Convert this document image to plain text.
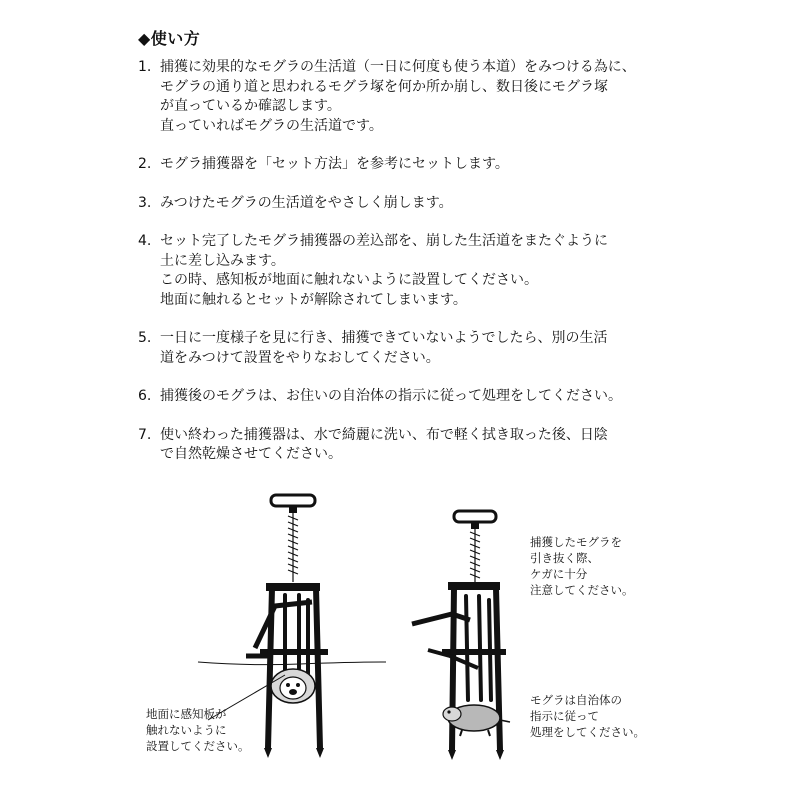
◆使い方
1. 捕獲に効果的なモグラの生活道（一日に何度も使う本道）をみつける為に、
モグラの通り道と思われるモグラ塚を何か所か崩し、数日後にモグラ塚
が直っているか確認します。
直っていればモグラの生活道です。
2. モグラ捕獲器を「セット方法」を参考にセットします。
3. みつけたモグラの生活道をやさしく崩します。
4. セット完了したモグラ捕獲器の差込部を、崩した生活道をまたぐように
土に差し込みます。
この時、感知板が地面に触れないように設置してください。
地面に触れるとセットが解除されてしまいます。
5. 一日に一度様子を見に行き、捕獲できていないようでしたら、別の生活
道をみつけて設置をやりなおしてください。
6. 捕獲後のモグラは、お住いの自治体の指示に従って処理をしてください。
7. 使い終わった捕獲器は、水で綺麗に洗い、布で軽く拭き取った後、日陰
で自然乾燥させてください。
地面に感知板が
触れないように
設置してください。
捕獲したモグラを
引き抜く際、
ケガに十分
注意してください。
モグラは自治体の
指示に従って
処理をしてください。
